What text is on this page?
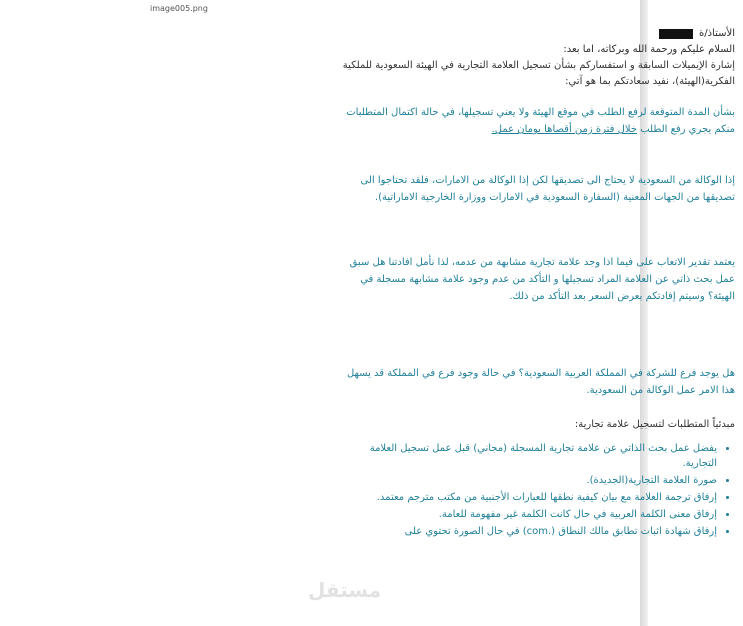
image005.png

الأستاذ/ة

السلام عليكم ورحمة الله وبركاته، اما بعد:

إشارة الإيميلات السابقة و استفساركم بشأن تسجيل العلامة التجارية في الهيئة السعودية للملكية

الفكرية(الهيئة)، نفيد سعادتكم بما هو آتي:

بشأن المدة المتوقعة لرفع الطلب في موقع الهيئة ولا يعني تسجيلها، في حالة اكتمال المتطلبات منكم يجري رفع الطلب خلال فترة زمن أقصاها يومان عمل.

إذا الوكالة من السعودية لا يحتاج الى تصديقها لكن إذا الوكالة من الامارات، فلقد تحتاجوا الى تصديقها من الجهات المعنية (السفارة السعودية في الامارات ووزارة الخارجية الاماراتية).

يعتمد تقدير الاتعاب على فيما اذا وجد علامة تجارية مشابهة من عدمه، لذا نأمل افادتنا هل سبق عمل بحث ذاتي عن العلامة المراد تسجيلها و التأكد من عدم وجود علامة مشابهة مسجلة في الهيئة؟ وسيتم إفادتكم بعرض السعر بعد التأكد من ذلك.

هل يوجد فرع للشركة في المملكة العربية السعودية؟ في حالة وجود فرع في المملكة قد يسهل هذا الامر عمل الوكالة من السعودية.

مبدئياً المتطلبات لتسجيل علامة تجارية:

• يفضل عمل بحث الذاتي عن علامة تجارية المسجلة (مجاني) قبل عمل تسجيل العلامة التجارية.
• صورة العلامة التجارية(الجديدة).
• إرفاق ترجمة العلامة مع بيان كيفية نطقها للعبارات الأجنبية من مكتب مترجم معتمد.
• إرفاق معنى الكلمة العربية في حال كانت الكلمة غير مفهومة للعامة.
• إرفاق شهادة اثبات تطابق مالك النطاق (.com) في حال الصورة تحتوي على
مستقل
